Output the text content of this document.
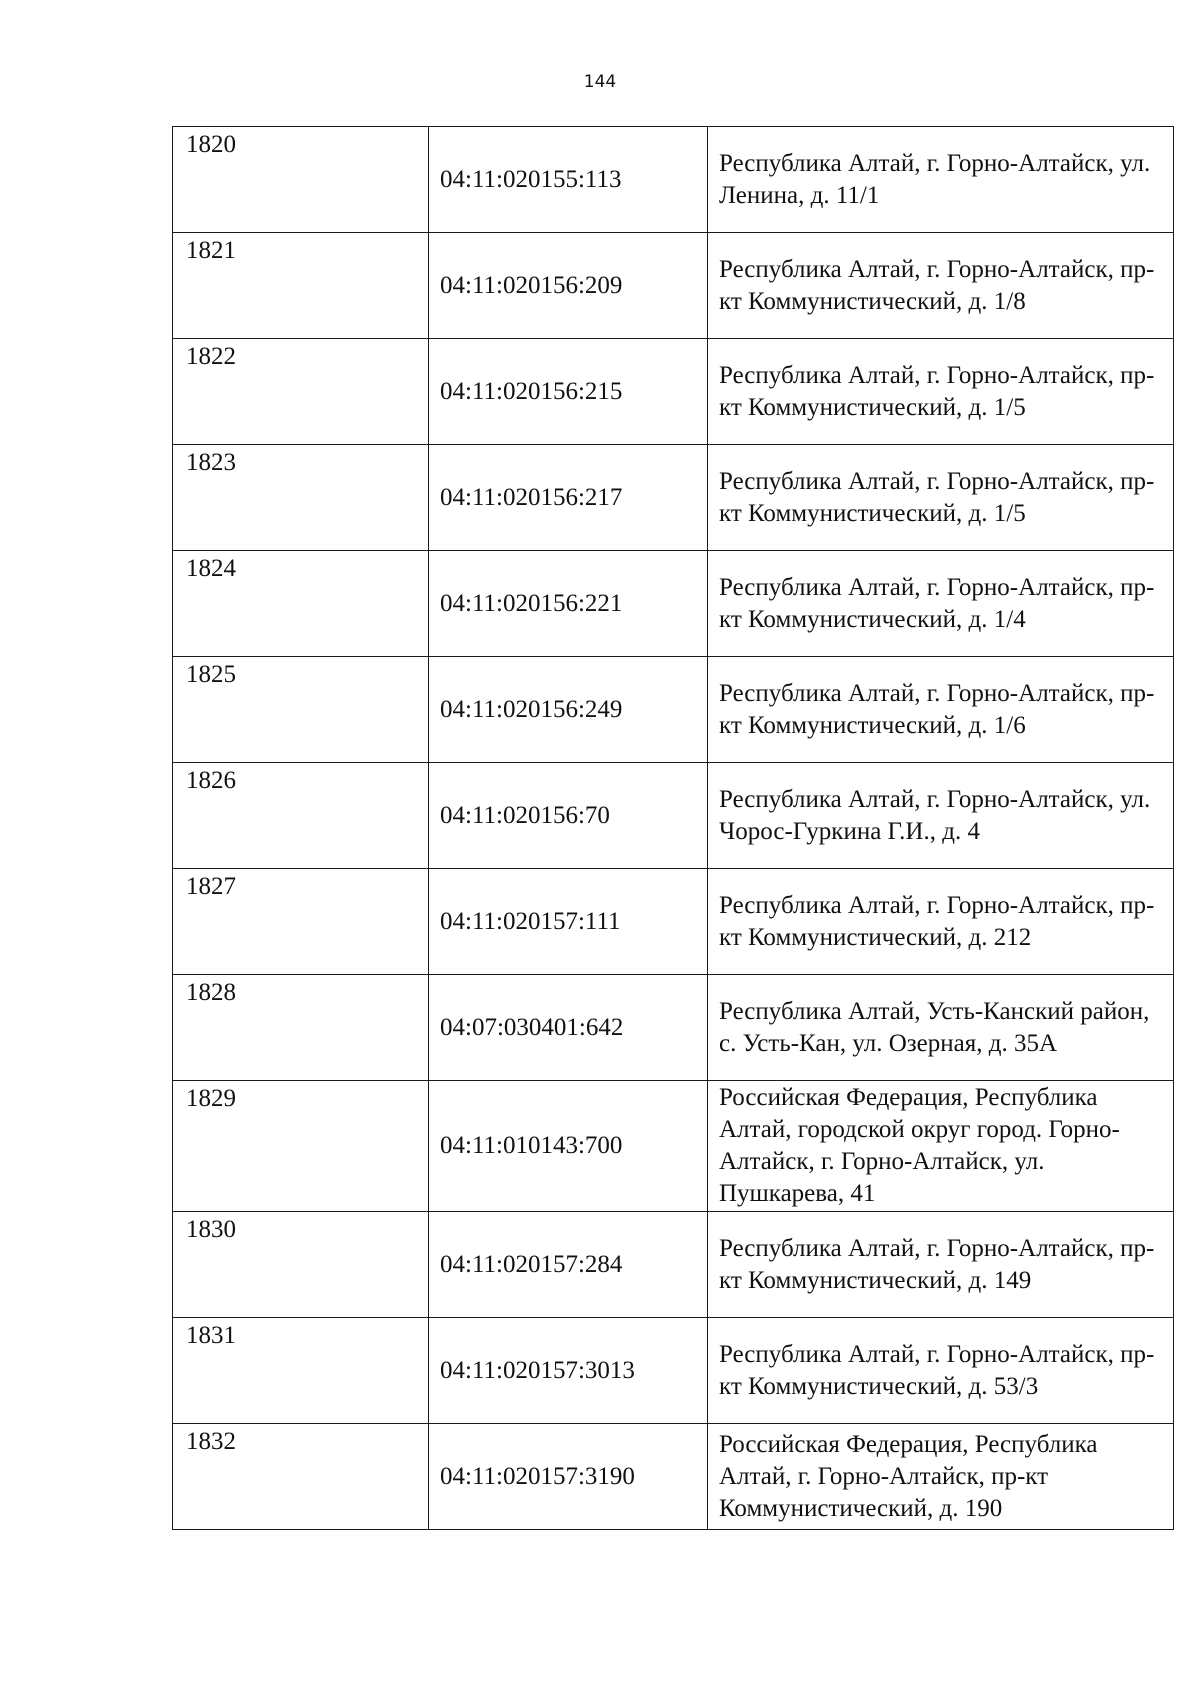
144
1820	04:11:020155:113	Республика Алтай, г. Горно-Алтайск, ул. Ленина, д. 11/1

1821	04:11:020156:209	Республика Алтай, г. Горно-Алтайск, пр-кт Коммунистический, д. 1/8

1822	04:11:020156:215	Республика Алтай, г. Горно-Алтайск, пр-кт Коммунистический, д. 1/5

1823	04:11:020156:217	Республика Алтай, г. Горно-Алтайск, пр-кт Коммунистический, д. 1/5

1824	04:11:020156:221	Республика Алтай, г. Горно-Алтайск, пр-кт Коммунистический, д. 1/4

1825	04:11:020156:249	Республика Алтай, г. Горно-Алтайск, пр-кт Коммунистический, д. 1/6

1826	04:11:020156:70	Республика Алтай, г. Горно-Алтайск, ул. Чорос-Гуркина Г.И., д. 4

1827	04:11:020157:111	Республика Алтай, г. Горно-Алтайск, пр-кт Коммунистический, д. 212

1828	04:07:030401:642	Республика Алтай, Усть-Канский район, с. Усть-Кан, ул. Озерная, д. 35А

1829	04:11:010143:700	Российская Федерация, Республика Алтай, городской округ город. Горно-Алтайск, г. Горно-Алтайск, ул. Пушкарева, 41

1830	04:11:020157:284	Республика Алтай, г. Горно-Алтайск, пр-кт Коммунистический, д. 149

1831	04:11:020157:3013	Республика Алтай, г. Горно-Алтайск, пр-кт Коммунистический, д. 53/3

1832	04:11:020157:3190	Российская Федерация, Республика Алтай, г. Горно-Алтайск, пр-кт Коммунистический, д. 190
